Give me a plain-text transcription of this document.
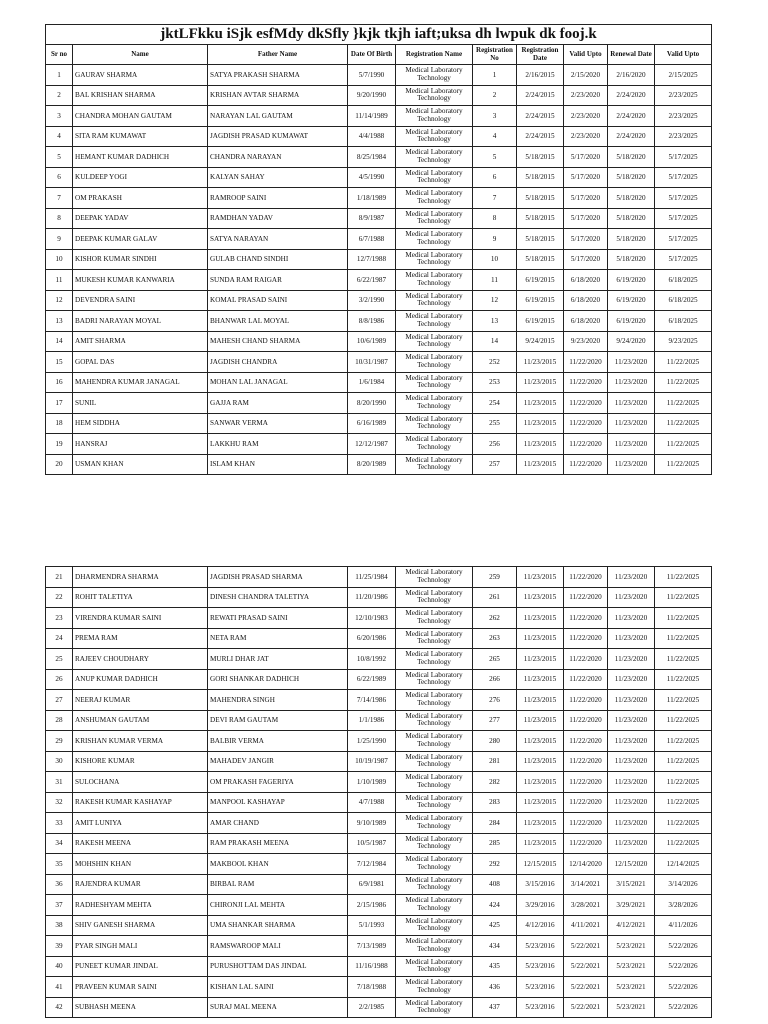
jktLFkku iSjk esfMdy dkSfly }kjk tkjh iaft;uksa dh lwpuk dk fooj.k									
Sr no	Name	Father Name	Date Of Birth	Registration Name	Registration No	Registration Date	Valid Upto	Renewal Date	Valid Upto
1	GAURAV SHARMA	SATYA PRAKASH SHARMA	5/7/1990	Medical Laboratory Technology	1	2/16/2015	2/15/2020	2/16/2020	2/15/2025
2	BAL KRISHAN SHARMA	KRISHAN AVTAR SHARMA	9/20/1990	Medical Laboratory Technology	2	2/24/2015	2/23/2020	2/24/2020	2/23/2025
3	CHANDRA MOHAN GAUTAM	NARAYAN LAL GAUTAM	11/14/1989	Medical Laboratory Technology	3	2/24/2015	2/23/2020	2/24/2020	2/23/2025
4	SITA RAM KUMAWAT	JAGDISH PRASAD KUMAWAT	4/4/1988	Medical Laboratory Technology	4	2/24/2015	2/23/2020	2/24/2020	2/23/2025
5	HEMANT KUMAR DADHICH	CHANDRA NARAYAN	8/25/1984	Medical Laboratory Technology	5	5/18/2015	5/17/2020	5/18/2020	5/17/2025
6	KULDEEP YOGI	KALYAN SAHAY	4/5/1990	Medical Laboratory Technology	6	5/18/2015	5/17/2020	5/18/2020	5/17/2025
7	OM PRAKASH	RAMROOP SAINI	1/18/1989	Medical Laboratory Technology	7	5/18/2015	5/17/2020	5/18/2020	5/17/2025
8	DEEPAK YADAV	RAMDHAN YADAV	8/9/1987	Medical Laboratory Technology	8	5/18/2015	5/17/2020	5/18/2020	5/17/2025
9	DEEPAK KUMAR GALAV	SATYA NARAYAN	6/7/1988	Medical Laboratory Technology	9	5/18/2015	5/17/2020	5/18/2020	5/17/2025
10	KISHOR KUMAR SINDHI	GULAB CHAND SINDHI	12/7/1988	Medical Laboratory Technology	10	5/18/2015	5/17/2020	5/18/2020	5/17/2025
11	MUKESH KUMAR KANWARIA	SUNDA RAM RAIGAR	6/22/1987	Medical Laboratory Technology	11	6/19/2015	6/18/2020	6/19/2020	6/18/2025
12	DEVENDRA SAINI	KOMAL PRASAD SAINI	3/2/1990	Medical Laboratory Technology	12	6/19/2015	6/18/2020	6/19/2020	6/18/2025
13	BADRI NARAYAN MOYAL	BHANWAR LAL MOYAL	8/8/1986	Medical Laboratory Technology	13	6/19/2015	6/18/2020	6/19/2020	6/18/2025
14	AMIT SHARMA	MAHESH CHAND SHARMA	10/6/1989	Medical Laboratory Technology	14	9/24/2015	9/23/2020	9/24/2020	9/23/2025
15	GOPAL DAS	JAGDISH CHANDRA	10/31/1987	Medical Laboratory Technology	252	11/23/2015	11/22/2020	11/23/2020	11/22/2025
16	MAHENDRA KUMAR JANAGAL	MOHAN LAL JANAGAL	1/6/1984	Medical Laboratory Technology	253	11/23/2015	11/22/2020	11/23/2020	11/22/2025
17	SUNIL	GAJJA RAM	8/20/1990	Medical Laboratory Technology	254	11/23/2015	11/22/2020	11/23/2020	11/22/2025
18	HEM SIDDHA	SANWAR VERMA	6/16/1989	Medical Laboratory Technology	255	11/23/2015	11/22/2020	11/23/2020	11/22/2025
19	HANSRAJ	LAKKHU RAM	12/12/1987	Medical Laboratory Technology	256	11/23/2015	11/22/2020	11/23/2020	11/22/2025
20	USMAN KHAN	ISLAM KHAN	8/20/1989	Medical Laboratory Technology	257	11/23/2015	11/22/2020	11/23/2020	11/22/2025
21	DHARMENDRA SHARMA	JAGDISH PRASAD SHARMA	11/25/1984	Medical Laboratory Technology	259	11/23/2015	11/22/2020	11/23/2020	11/22/2025
22	ROHIT TALETIYA	DINESH CHANDRA TALETIYA	11/20/1986	Medical Laboratory Technology	261	11/23/2015	11/22/2020	11/23/2020	11/22/2025
23	VIRENDRA KUMAR SAINI	REWATI PRASAD SAINI	12/10/1983	Medical Laboratory Technology	262	11/23/2015	11/22/2020	11/23/2020	11/22/2025
24	PREMA RAM	NETA RAM	6/20/1986	Medical Laboratory Technology	263	11/23/2015	11/22/2020	11/23/2020	11/22/2025
25	RAJEEV CHOUDHARY	MURLI DHAR JAT	10/8/1992	Medical Laboratory Technology	265	11/23/2015	11/22/2020	11/23/2020	11/22/2025
26	ANUP KUMAR DADHICH	GORI SHANKAR DADHICH	6/22/1989	Medical Laboratory Technology	266	11/23/2015	11/22/2020	11/23/2020	11/22/2025
27	NEERAJ KUMAR	MAHENDRA SINGH	7/14/1986	Medical Laboratory Technology	276	11/23/2015	11/22/2020	11/23/2020	11/22/2025
28	ANSHUMAN GAUTAM	DEVI RAM GAUTAM	1/1/1986	Medical Laboratory Technology	277	11/23/2015	11/22/2020	11/23/2020	11/22/2025
29	KRISHAN KUMAR VERMA	BALBIR VERMA	1/25/1990	Medical Laboratory Technology	280	11/23/2015	11/22/2020	11/23/2020	11/22/2025
30	KISHORE KUMAR	MAHADEV JANGIR	10/19/1987	Medical Laboratory Technology	281	11/23/2015	11/22/2020	11/23/2020	11/22/2025
31	SULOCHANA	OM PRAKASH FAGERIYA	1/10/1989	Medical Laboratory Technology	282	11/23/2015	11/22/2020	11/23/2020	11/22/2025
32	RAKESH KUMAR KASHAYAP	MANPOOL KASHAYAP	4/7/1988	Medical Laboratory Technology	283	11/23/2015	11/22/2020	11/23/2020	11/22/2025
33	AMIT LUNIYA	AMAR CHAND	9/10/1989	Medical Laboratory Technology	284	11/23/2015	11/22/2020	11/23/2020	11/22/2025
34	RAKESH MEENA	RAM PRAKASH MEENA	10/5/1987	Medical Laboratory Technology	285	11/23/2015	11/22/2020	11/23/2020	11/22/2025
35	MOHSHIN KHAN	MAKBOOL KHAN	7/12/1984	Medical Laboratory Technology	292	12/15/2015	12/14/2020	12/15/2020	12/14/2025
36	RAJENDRA KUMAR	BIRBAL RAM	6/9/1981	Medical Laboratory Technology	408	3/15/2016	3/14/2021	3/15/2021	3/14/2026
37	RADHESHYAM MEHTA	CHIRONJI LAL MEHTA	2/15/1986	Medical Laboratory Technology	424	3/29/2016	3/28/2021	3/29/2021	3/28/2026
38	SHIV GANESH SHARMA	UMA SHANKAR SHARMA	5/1/1993	Medical Laboratory Technology	425	4/12/2016	4/11/2021	4/12/2021	4/11/2026
39	PYAR SINGH MALI	RAMSWAROOP MALI	7/13/1989	Medical Laboratory Technology	434	5/23/2016	5/22/2021	5/23/2021	5/22/2026
40	PUNEET KUMAR JINDAL	PURUSHOTTAM DAS JINDAL	11/16/1988	Medical Laboratory Technology	435	5/23/2016	5/22/2021	5/23/2021	5/22/2026
41	PRAVEEN KUMAR SAINI	KISHAN LAL SAINI	7/18/1988	Medical Laboratory Technology	436	5/23/2016	5/22/2021	5/23/2021	5/22/2026
42	SUBHASH MEENA	SURAJ MAL MEENA	2/2/1985	Medical Laboratory Technology	437	5/23/2016	5/22/2021	5/23/2021	5/22/2026
